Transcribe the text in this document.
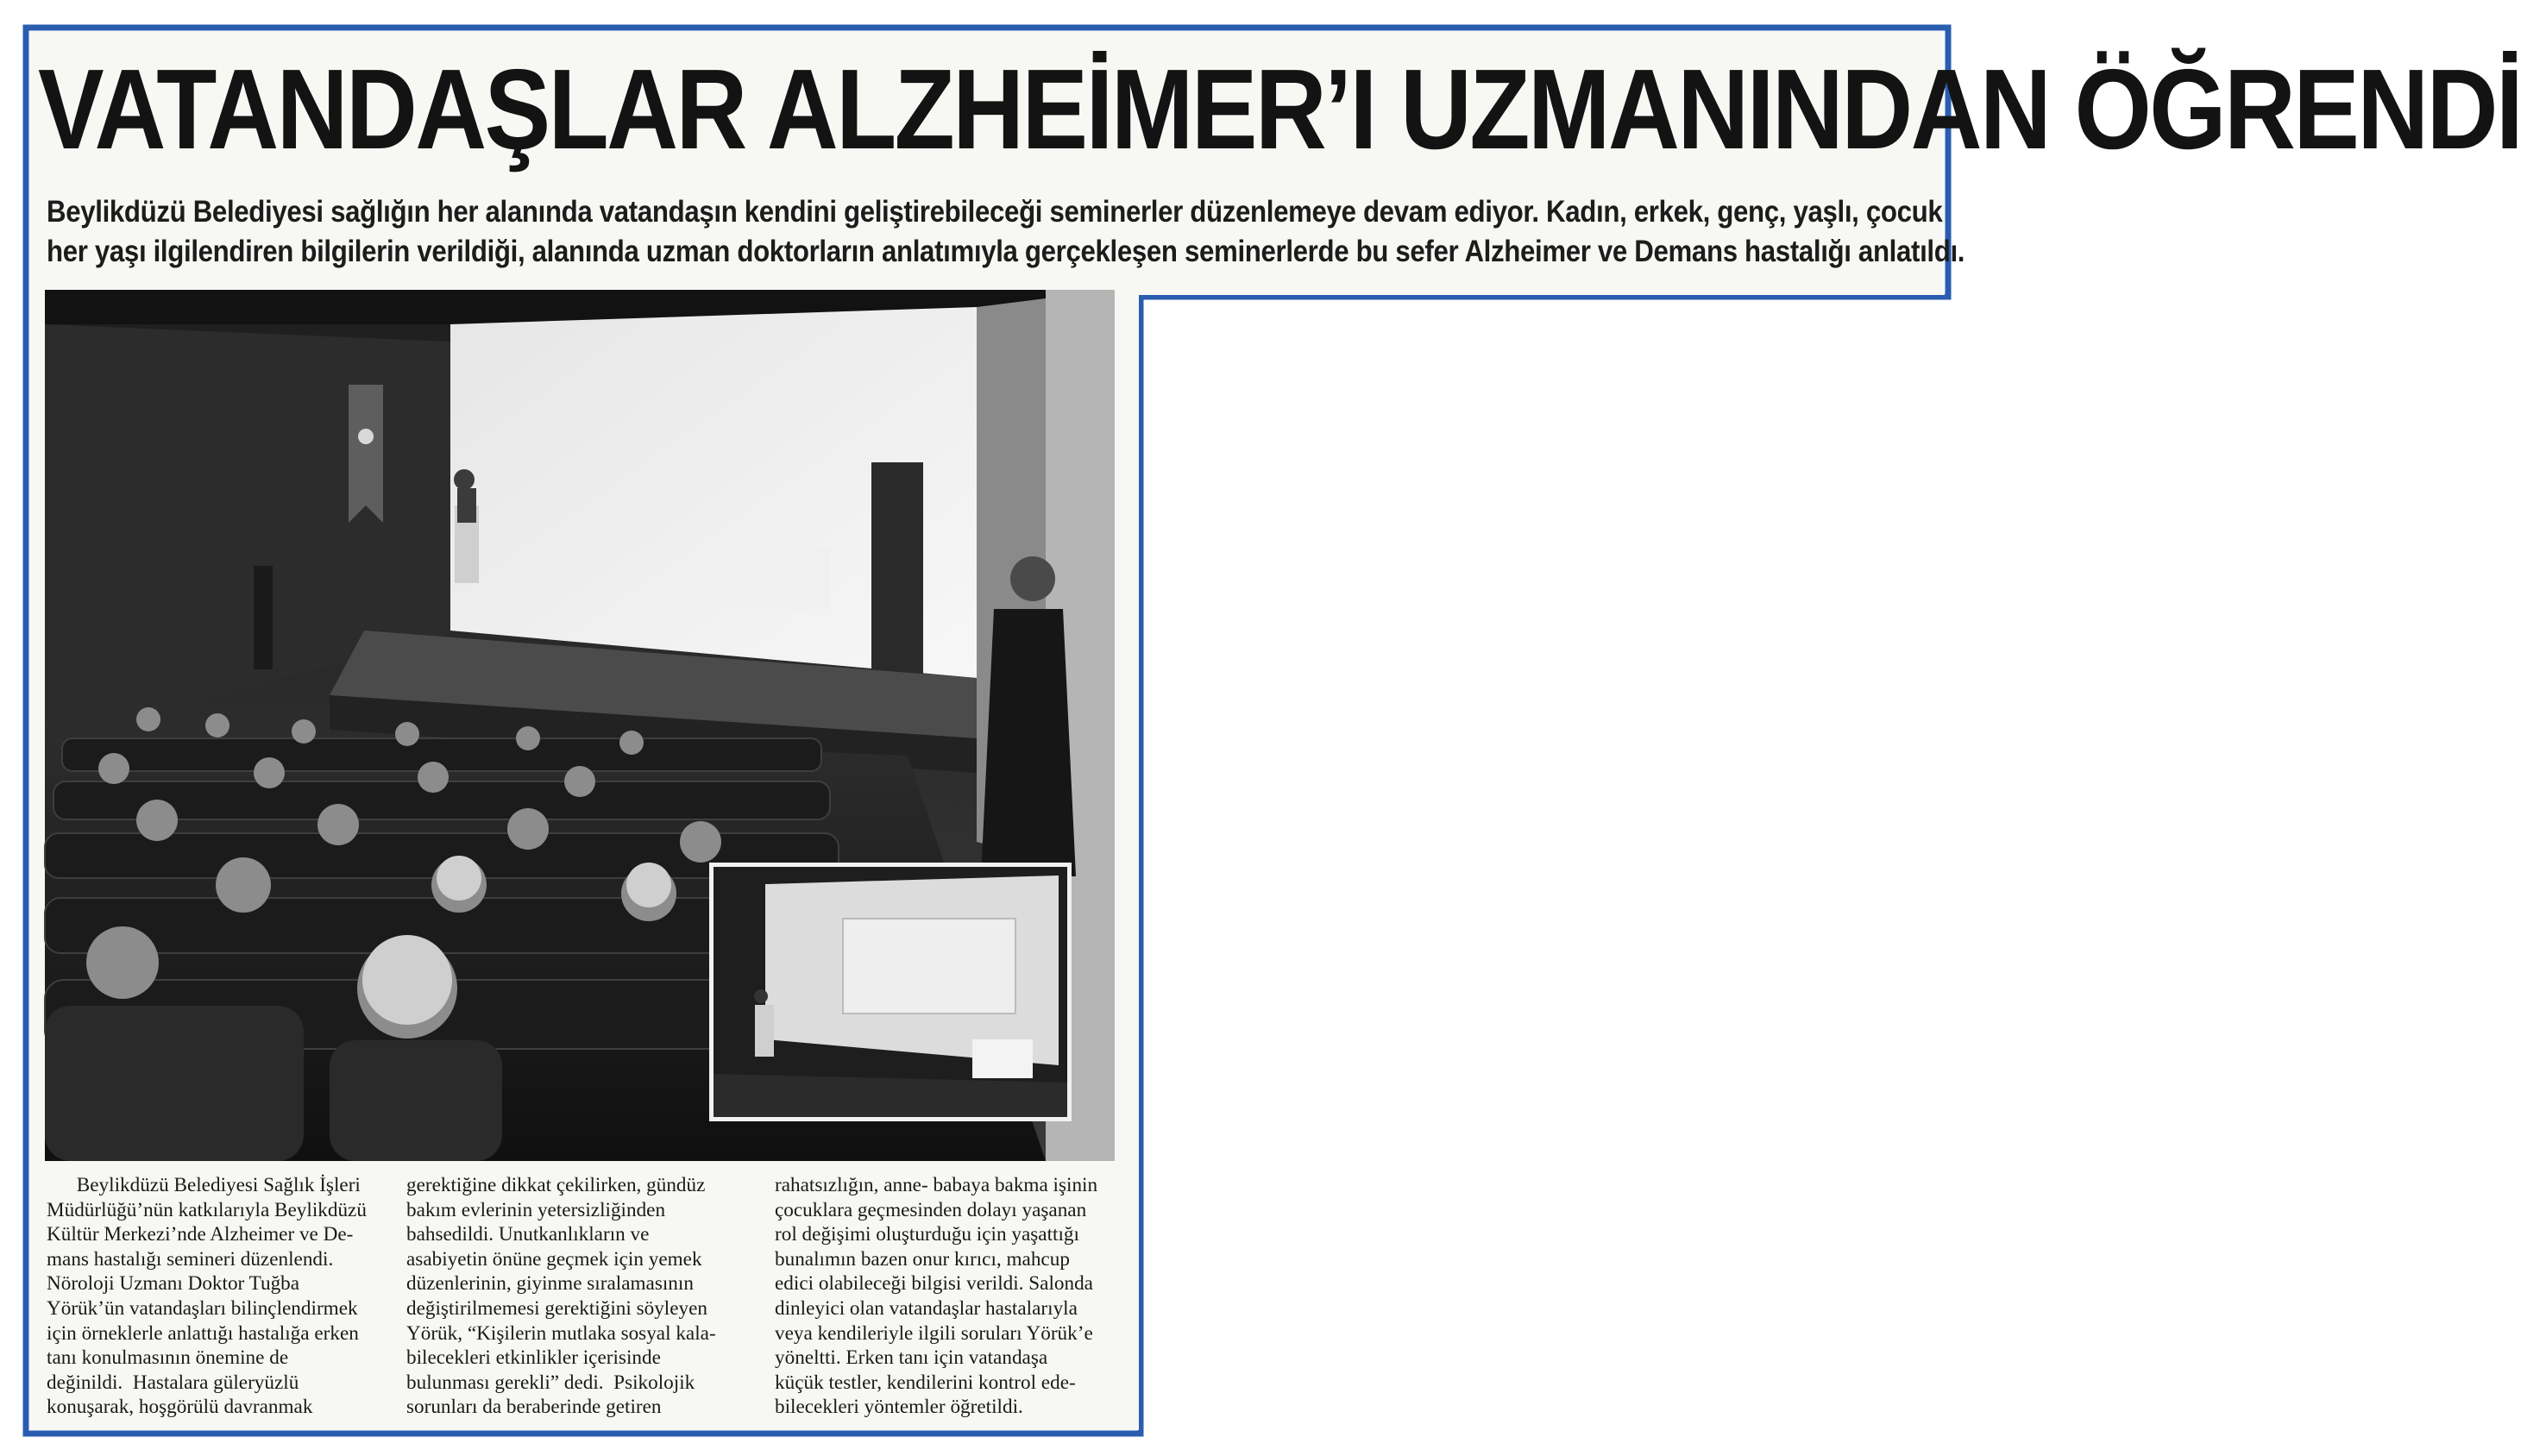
VATANDAŞLAR ALZHEİMER’I UZMANINDAN ÖĞRENDİ

Beylikdüzü Belediyesi sağlığın her alanında vatandaşın kendini geliştirebileceği seminerler düzenlemeye devam ediyor. Kadın, erkek, genç, yaşlı, çocuk

her yaşı ilgilendiren bilgilerin verildiği, alanında uzman doktorların anlatımıyla gerçekleşen seminerlerde bu sefer Alzheimer ve Demans hastalığı anlatıldı.

Beylikdüzü Belediyesi Sağlık İşleri

Müdürlüğü’nün katkılarıyla Beylikdüzü

Kültür Merkezi’nde Alzheimer ve De-

mans hastalığı semineri düzenlendi.

Nöroloji Uzmanı Doktor Tuğba

Yörük’ün vatandaşları bilinçlendirmek

için örneklerle anlattığı hastalığa erken

tanı konulmasının önemine de

değinildi.  Hastalara güleryüzlü

konuşarak, hoşgörülü davranmak

gerektiğine dikkat çekilirken, gündüz

bakım evlerinin yetersizliğinden

bahsedildi. Unutkanlıkların ve

asabiyetin önüne geçmek için yemek

düzenlerinin, giyinme sıralamasının

değiştirilmemesi gerektiğini söyleyen

Yörük, “Kişilerin mutlaka sosyal kala-

bilecekleri etkinlikler içerisinde

bulunması gerekli” dedi.  Psikolojik

sorunları da beraberinde getiren

rahatsızlığın, anne- babaya bakma işinin

çocuklara geçmesinden dolayı yaşanan

rol değişimi oluşturduğu için yaşattığı

bunalımın bazen onur kırıcı, mahcup

edici olabileceği bilgisi verildi. Salonda

dinleyici olan vatandaşlar hastalarıyla

veya kendileriyle ilgili soruları Yörük’e

yöneltti. Erken tanı için vatandaşa

küçük testler, kendilerini kontrol ede-

bilecekleri yöntemler öğretildi.
